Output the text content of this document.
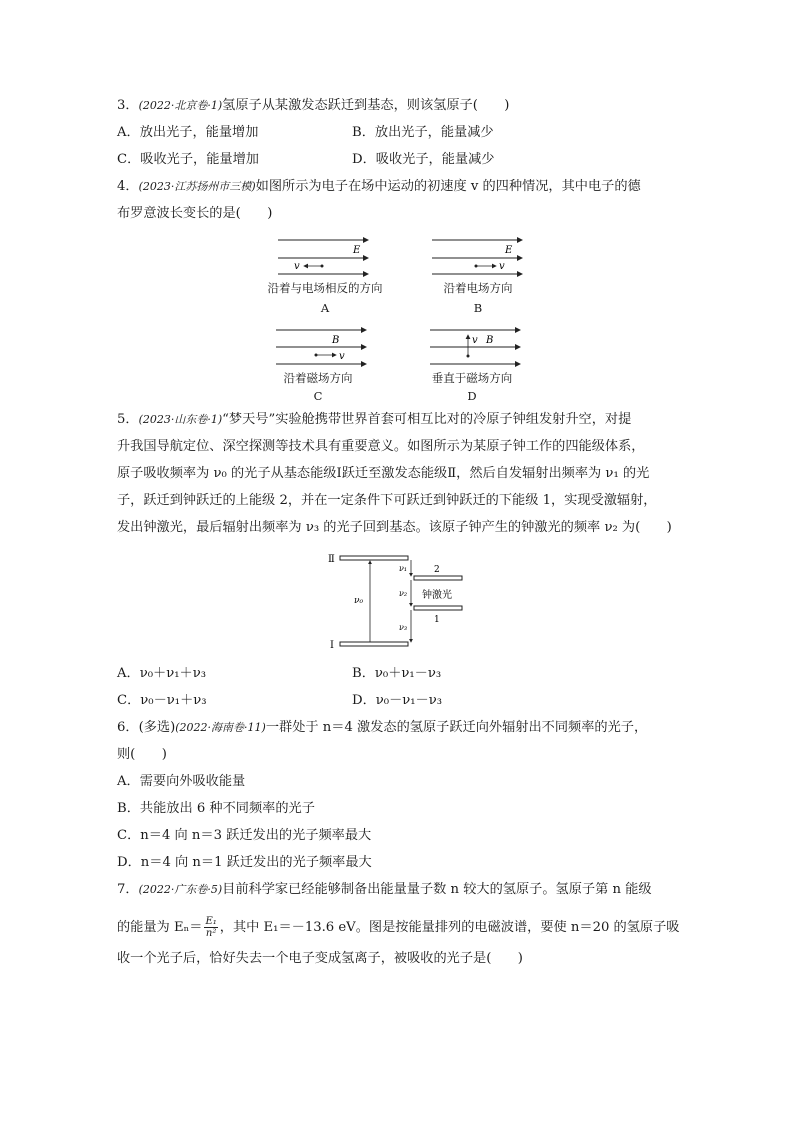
3．(2022·北京卷·1)氢原子从某激发态跃迁到基态，则该氢原子(　　)
A．放出光子，能量增加	B．放出光子，能量减少
C．吸收光子，能量增加	D．吸收光子，能量减少
4．(2023·江苏扬州市三模)如图所示为电子在场中运动的初速度 v 的四种情况，其中电子的德
布罗意波长变长的是(　　)
E
v
沿着与电场相反的方向
A
E
v
沿着电场方向
B
B
v
沿着磁场方向
C
v B
垂直于磁场方向
D
5．(2023·山东卷·1)“梦天号”实验舱携带世界首套可相互比对的冷原子钟组发射升空，对提
升我国导航定位、深空探测等技术具有重要意义。如图所示为某原子钟工作的四能级体系，
原子吸收频率为 ν₀ 的光子从基态能级Ⅰ跃迁至激发态能级Ⅱ，然后自发辐射出频率为 ν₁ 的光
子，跃迁到钟跃迁的上能级 2，并在一定条件下可跃迁到钟跃迁的下能级 1，实现受激辐射，
发出钟激光，最后辐射出频率为 ν₃ 的光子回到基态。该原子钟产生的钟激光的频率 ν₂ 为(　　)
Ⅱ
Ⅰ
2
1
ν₀
ν₁
ν₂ 钟激光
ν₃
A．ν₀＋ν₁＋ν₃	B．ν₀＋ν₁－ν₃
C．ν₀－ν₁＋ν₃	D．ν₀－ν₁－ν₃
6．(多选)(2022·海南卷·11)一群处于 n＝4 激发态的氢原子跃迁向外辐射出不同频率的光子，
则(　　)
A．需要向外吸收能量
B．共能放出 6 种不同频率的光子
C．n＝4 向 n＝3 跃迁发出的光子频率最大
D．n＝4 向 n＝1 跃迁发出的光子频率最大
7．(2022·广东卷·5)目前科学家已经能够制备出能量量子数 n 较大的氢原子。氢原子第 n 能级
的能量为 $E_n= \frac{\text{E₁}}{\text{n²}}$ ，其中 E₁＝－13.6 eV。图是按能量排列的电磁波谱，要使 n＝20 的氢原子吸
收一个光子后，恰好失去一个电子变成氢离子，被吸收的光子是(　　)
